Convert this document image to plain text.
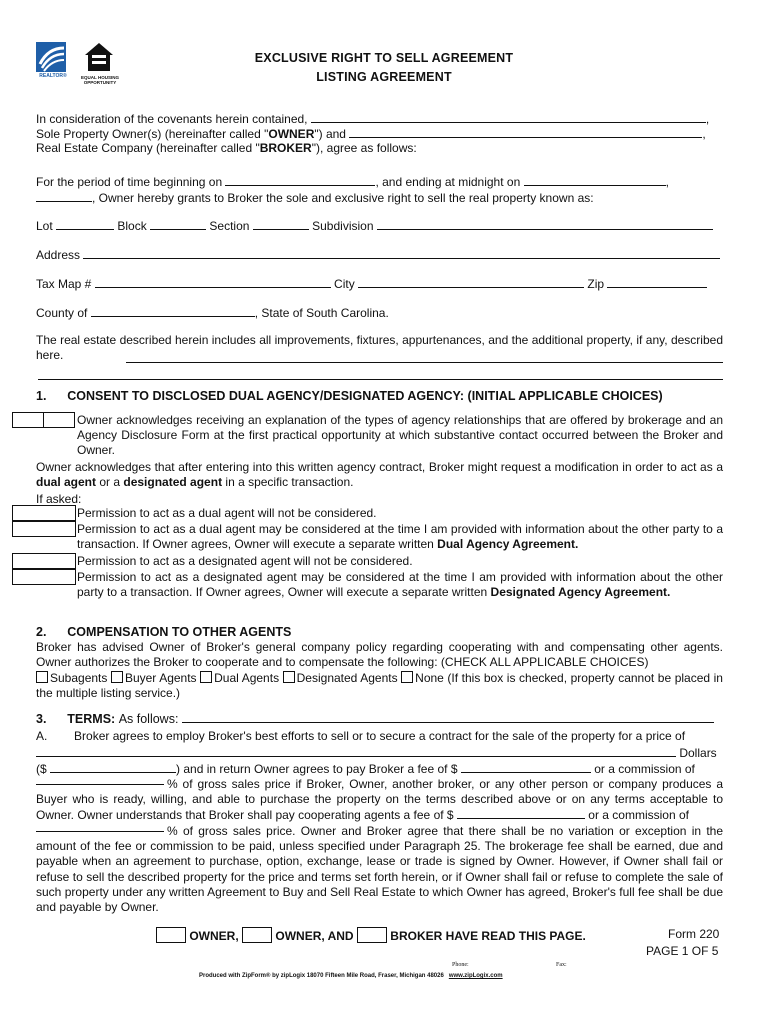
REALTOR®	EQUAL HOUSING
OPPORTUNITY
EXCLUSIVE RIGHT TO SELL AGREEMENT
LISTING AGREEMENT
In consideration of the covenants herein contained,	,
Sole Property Owner(s) (hereinafter called "OWNER") and	,
Real Estate Company (hereinafter called "BROKER"), agree as follows:
For the period of time beginning on	, and ending at midnight on	,
, Owner hereby grants to Broker the sole and exclusive right to sell the real property known as:
Lot	Block	Section	Subdivision
Address
Tax Map #	City	Zip
County of	, State of South Carolina.
The real estate described herein includes all improvements, fixtures, appurtenances, and the additional property, if any, described here.
1. CONSENT TO DISCLOSED DUAL AGENCY/DESIGNATED AGENCY: (INITIAL APPLICABLE CHOICES)
Owner acknowledges receiving an explanation of the types of agency relationships that are offered by brokerage and an Agency Disclosure Form at the first practical opportunity at which substantive contact occurred between the Broker and Owner.
Owner acknowledges that after entering into this written agency contract, Broker might request a modification in order to act as a dual agent or a designated agent in a specific transaction.
If asked:
Permission to act as a dual agent will not be considered.
Permission to act as a dual agent may be considered at the time I am provided with information about the other party to a transaction. If Owner agrees, Owner will execute a separate written Dual Agency Agreement.
Permission to act as a designated agent will not be considered.
Permission to act as a designated agent may be considered at the time I am provided with information about the other party to a transaction. If Owner agrees, Owner will execute a separate written Designated Agency Agreement.
2. COMPENSATION TO OTHER AGENTS
Broker has advised Owner of Broker's general company policy regarding cooperating with and compensating other agents. Owner authorizes the Broker to cooperate and to compensate the following: (CHECK ALL APPLICABLE CHOICES)
Subagents Buyer Agents Dual Agents Designated Agents None (If this box is checked, property cannot be placed in the multiple listing service.)
3. TERMS: As follows:
A. Broker agrees to employ Broker's best efforts to sell or to secure a contract for the sale of the property for a price of
Dollars
($	) and in return Owner agrees to pay Broker a fee of $	or a commission of
% of gross sales price if Broker, Owner, another broker, or any other person or company produces a Buyer who is ready, willing, and able to purchase the property on the terms described above or on any terms acceptable to Owner. Owner understands that Broker shall pay cooperating agents a fee of $	or a commission of
% of gross sales price. Owner and Broker agree that there shall be no variation or exception in the amount of the fee or commission to be paid, unless specified under Paragraph 25. The brokerage fee shall be earned, due and payable when an agreement to purchase, option, exchange, lease or trade is signed by Owner. However, if Owner shall fail or refuse to sell the described property for the price and terms set forth herein, or if Owner shall fail or refuse to complete the sale of such property under any written Agreement to Buy and Sell Real Estate to which Owner has agreed, Broker's full fee shall be due and payable by Owner.
OWNER,	OWNER, AND	BROKER HAVE READ THIS PAGE.	Form 220
PAGE 1 OF 5
Phone:	Fax:
Produced with ZipForm® by zipLogix 18070 Fifteen Mile Road, Fraser, Michigan 48026 www.zipLogix.com
